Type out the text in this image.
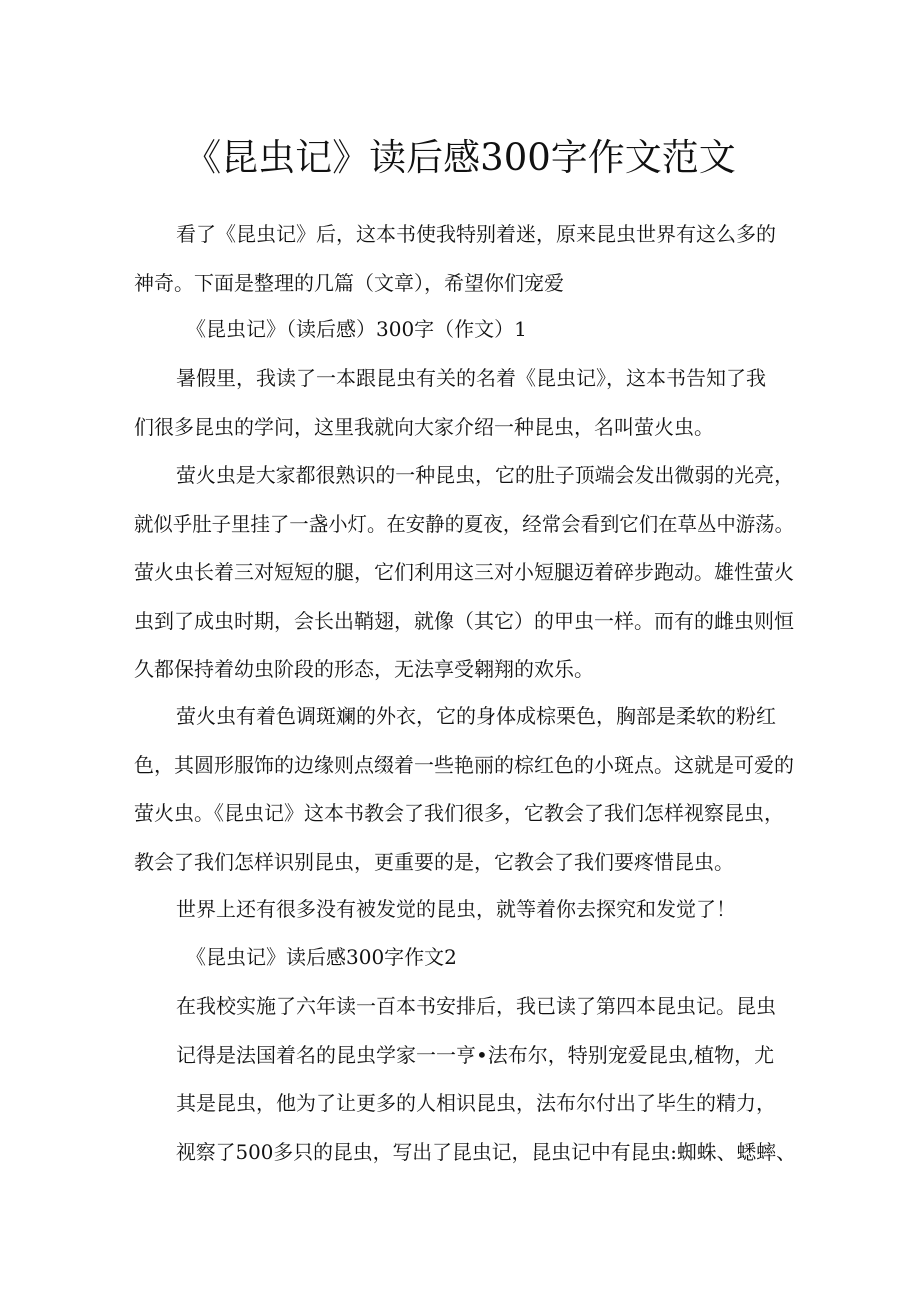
《昆虫记》读后感300字作文范文
看了《昆虫记》后，这本书使我特别着迷，原来昆虫世界有这么多的
神奇。下面是整理的几篇（文章），希望你们宠爱
《昆虫记》（读后感）300字（作文）1
暑假里，我读了一本跟昆虫有关的名着《昆虫记》，这本书告知了我
们很多昆虫的学问，这里我就向大家介绍一种昆虫，名叫萤火虫。
萤火虫是大家都很熟识的一种昆虫，它的肚子顶端会发出微弱的光亮，
就似乎肚子里挂了一盏小灯。在安静的夏夜，经常会看到它们在草丛中游荡。
萤火虫长着三对短短的腿，它们利用这三对小短腿迈着碎步跑动。雄性萤火
虫到了成虫时期，会长出鞘翅，就像（其它）的甲虫一样。而有的雌虫则恒
久都保持着幼虫阶段的形态，无法享受翱翔的欢乐。
萤火虫有着色调斑斓的外衣，它的身体成棕栗色，胸部是柔软的粉红
色，其圆形服饰的边缘则点缀着一些艳丽的棕红色的小斑点。这就是可爱的
萤火虫。《昆虫记》这本书教会了我们很多，它教会了我们怎样视察昆虫，
教会了我们怎样识别昆虫，更重要的是，它教会了我们要疼惜昆虫。
世界上还有很多没有被发觉的昆虫，就等着你去探究和发觉了！
《昆虫记》读后感300字作文2
在我校实施了六年读一百本书安排后，我已读了第四本昆虫记。昆虫
记得是法国着名的昆虫学家一一亨•法布尔，特别宠爱昆虫,植物，尤
其是昆虫，他为了让更多的人相识昆虫，法布尔付出了毕生的精力，
视察了500多只的昆虫，写出了昆虫记，昆虫记中有昆虫:蜘蛛、蟋蟀、
